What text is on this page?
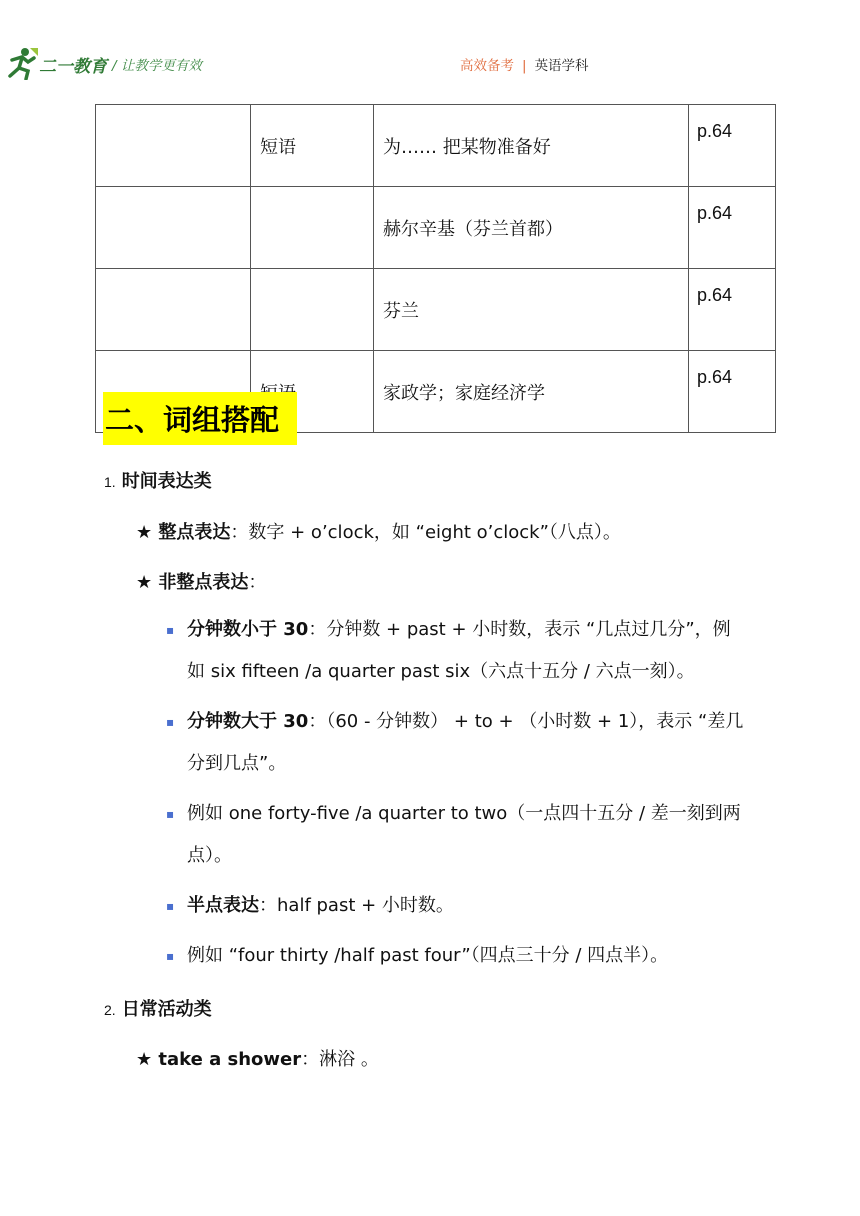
二一教育 / 让教学更有效	高效备考 | 英语学科
	短语	为…… 把某物准备好	p.64
		赫尔辛基（芬兰首都）	p.64
		芬兰	p.64
		家政学；家庭经济学	p.64
二、词组搭配
1. 时间表达类
★ 整点表达：数字 + o’clock，如 “eight o’clock”（八点）。
★ 非整点表达：
▪ 分钟数小于 30：分钟数 + past + 小时数，表示 “几点过几分”，例如 six fifteen /a quarter past six（六点十五分 / 六点一刻）。
▪ 分钟数大于 30：（60 - 分钟数） + to + （小时数 + 1），表示 “差几分到几点”。
▪ 例如 one forty-five /a quarter to two（一点四十五分 / 差一刻到两点）。
▪ 半点表达：half past + 小时数。
▪ 例如 “four thirty /half past four”（四点三十分 / 四点半）。
2. 日常活动类
★ take a shower：淋浴 。
